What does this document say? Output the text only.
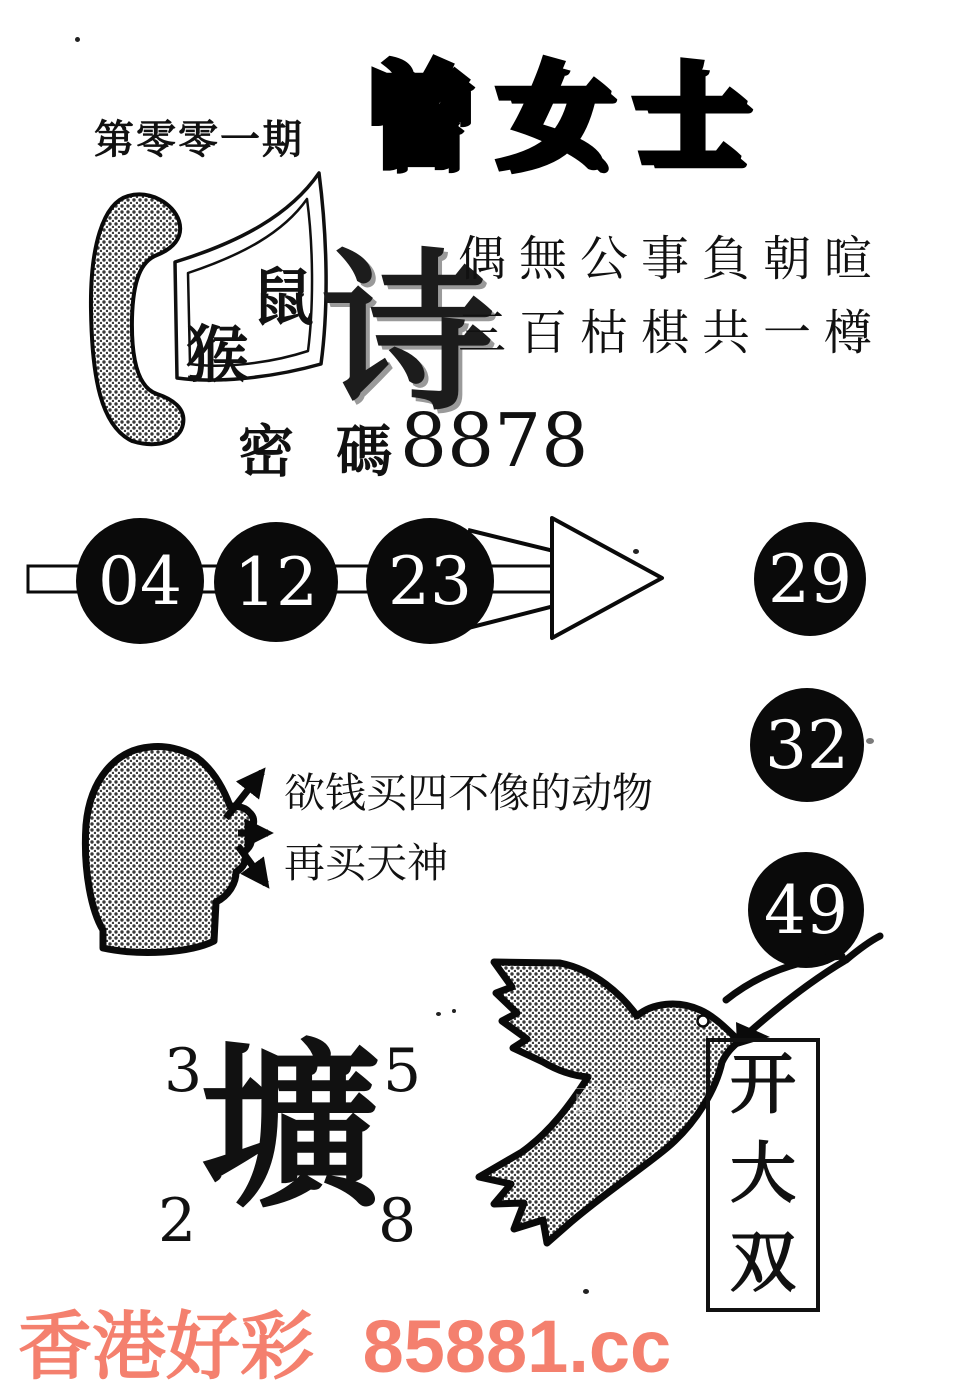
第零零一期 曾女士
鼠
猴 诗
偶無公事負朝暄
三百枯棋共一樽
密碼
8878
04 12 23	29
32
49
欲钱买四不像的动物
再买天神
3	5
2	8
壙	百乐鸟 开
大
双
香港好彩 85881.cc
